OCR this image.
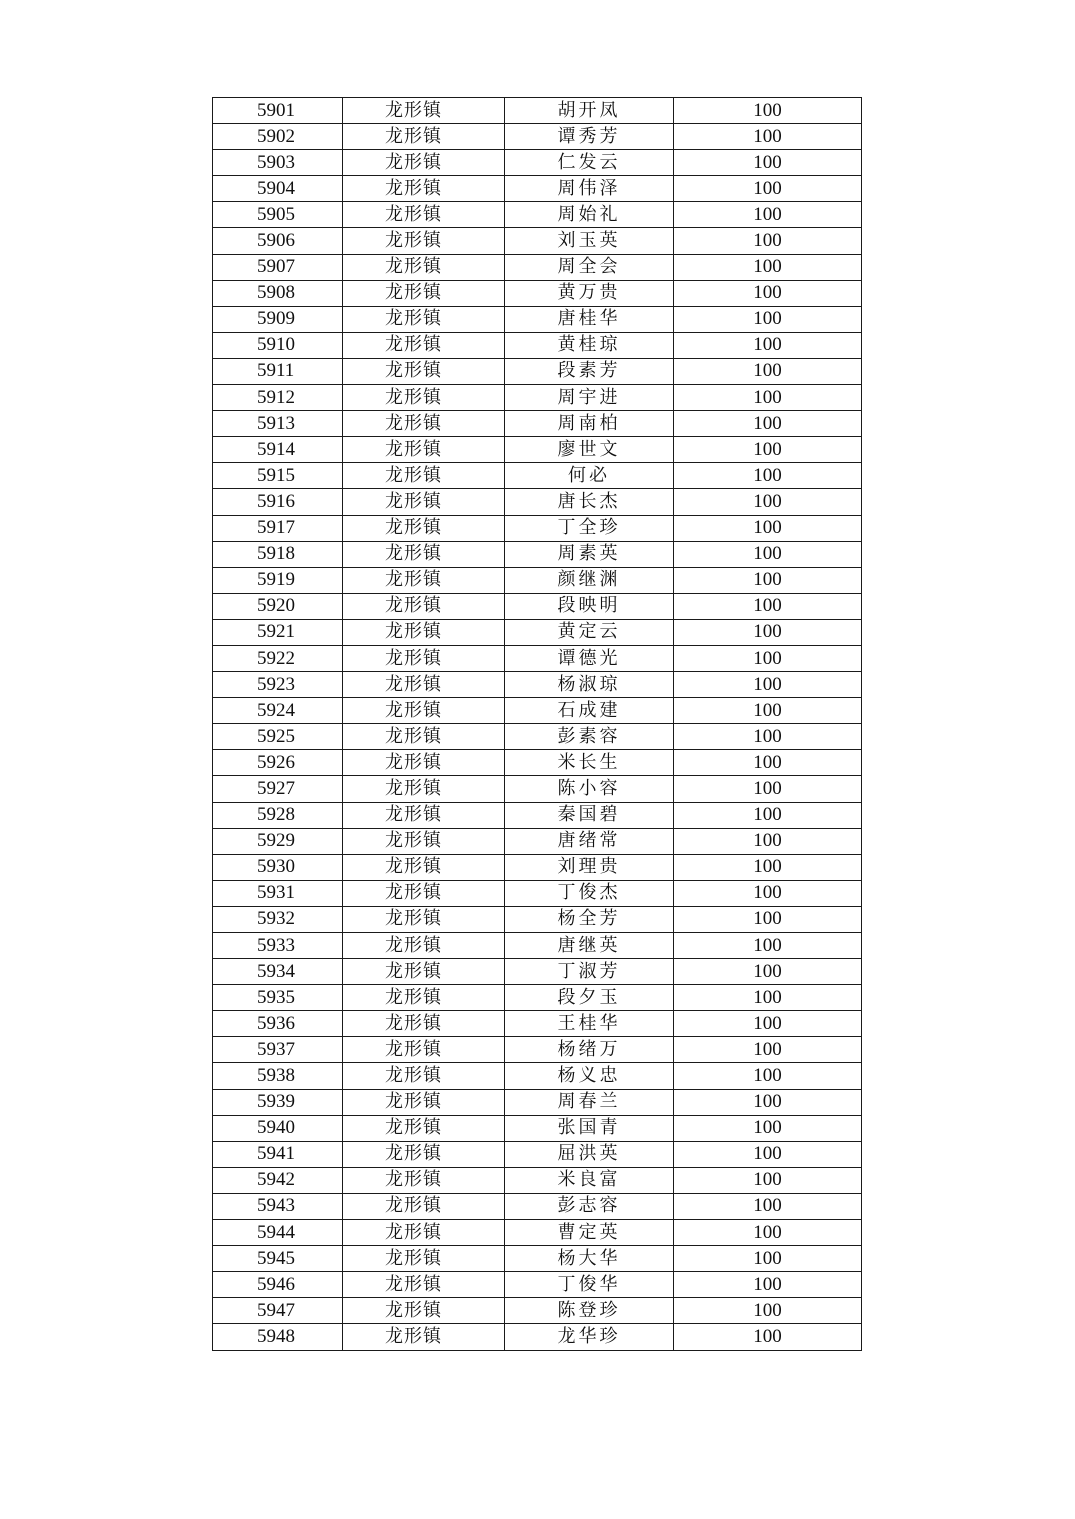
5901	龙形镇	胡开凤	100
5902	龙形镇	谭秀芳	100
5903	龙形镇	仁发云	100
5904	龙形镇	周伟泽	100
5905	龙形镇	周始礼	100
5906	龙形镇	刘玉英	100
5907	龙形镇	周全会	100
5908	龙形镇	黄万贵	100
5909	龙形镇	唐桂华	100
5910	龙形镇	黄桂琼	100
5911	龙形镇	段素芳	100
5912	龙形镇	周宇进	100
5913	龙形镇	周南柏	100
5914	龙形镇	廖世文	100
5915	龙形镇	何必	100
5916	龙形镇	唐长杰	100
5917	龙形镇	丁全珍	100
5918	龙形镇	周素英	100
5919	龙形镇	颜继渊	100
5920	龙形镇	段映明	100
5921	龙形镇	黄定云	100
5922	龙形镇	谭德光	100
5923	龙形镇	杨淑琼	100
5924	龙形镇	石成建	100
5925	龙形镇	彭素容	100
5926	龙形镇	米长生	100
5927	龙形镇	陈小容	100
5928	龙形镇	秦国碧	100
5929	龙形镇	唐绪常	100
5930	龙形镇	刘理贵	100
5931	龙形镇	丁俊杰	100
5932	龙形镇	杨全芳	100
5933	龙形镇	唐继英	100
5934	龙形镇	丁淑芳	100
5935	龙形镇	段夕玉	100
5936	龙形镇	王桂华	100
5937	龙形镇	杨绪万	100
5938	龙形镇	杨义忠	100
5939	龙形镇	周春兰	100
5940	龙形镇	张国青	100
5941	龙形镇	屈洪英	100
5942	龙形镇	米良富	100
5943	龙形镇	彭志容	100
5944	龙形镇	曹定英	100
5945	龙形镇	杨大华	100
5946	龙形镇	丁俊华	100
5947	龙形镇	陈登珍	100
5948	龙形镇	龙华珍	100
